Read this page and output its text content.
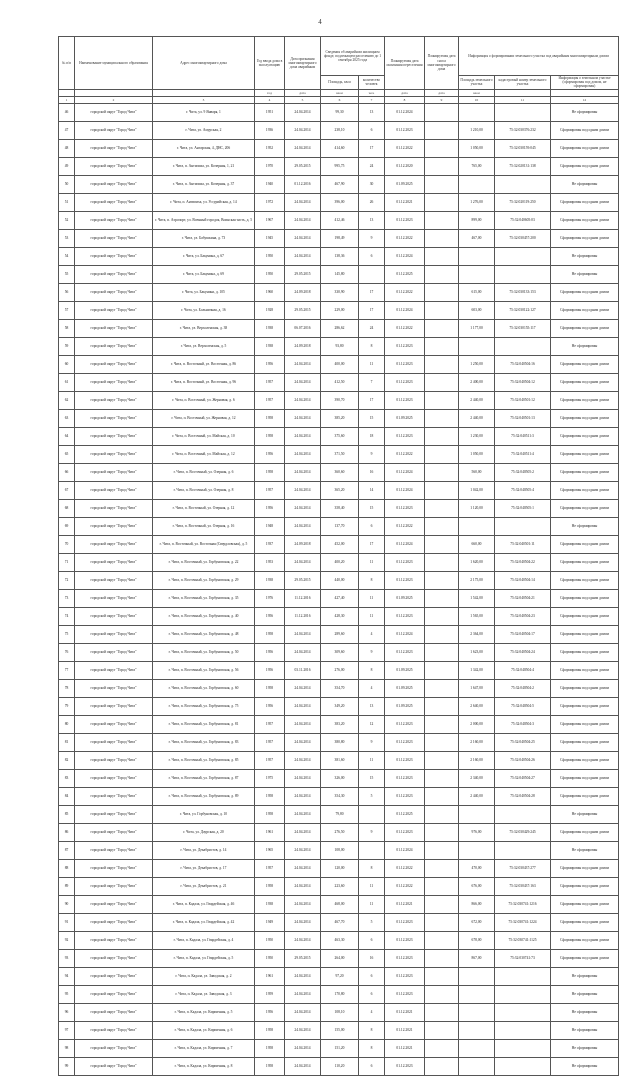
4
№ п/п	Наименование муниципального образования	Адрес многоквартирного дома	Год ввода дома в эксплуатацию	Дата признания многоквартирного дома аварийным	Сведения об аварийном жилищном фонде, подлежащем расселению до 1 сентября 2025 года		Планируемая дата окончания переселения	Планируемая дата сноса многоквартирного дома	Информация о формировании земельного участка под аварийным многоквартирным домом		
					Площадь, кв.м	количество человек			Площадь земельного участка	кадастровый номер земельного участка	Информация о земельном участке (сформирован под домом, не сформирован)
			год	дата	кв.м	чел.	дата	дата	кв.м		
1	2	3	4	5	6	7	8	9	10	11	12
46	городской округ "Город Чита"	г. Чита, ул. 9 Января, 1	1951	24.04.2014	99,30	13	01.12.2024				Не сформирован
47	городской округ "Город Чита"	г. Чита, ул. Амурская, 2	1936	24.04.2014	238,10	6	01.12.2023		1 210,00	75:32:030376:232	Сформирован под одним домом
48	городской округ "Город Чита"	г. Чита, ул. Ангарская, 4, ДНС, 206	1952	24.04.2014	414,60	17	01.12.2022		1 050,00	75:32:030159:045	Сформирован под одним домом
49	городской округ "Город Чита"	г. Чита, п. Антипиха, ул. Кочерная, 1, 21	1970	29.05.2015	995,75	24	01.12.2020		765,00	75:32:020131:138	Сформирован под одним домом
50	городской округ "Город Чита"	г. Чита, п. Антипиха, ул. Кочерная, д. 37	1940	01.12.2016	467,90	30	01.09.2025				Не сформирован
51	городской округ "Город Чита"	г. Чита, п. Антипиха, ул. Уссурийская, д. 14	1972	24.04.2014	396,00	26	01.12.2021		1 276,00	75:32:020119:250	Сформирован под одним домом
52	городской округ "Город Чита"	г. Чита, п. Аэропорт, ул. Военный городок, Воинская часть, д. 5	1967	24.04.2014	412,46	13	01.12.2023		899,00	75:32:040605:03	Сформирован под одним домом
53	городской округ "Город Чита"	г. Чита, ул. Бабушкина, д. 73	1945	24.04.2014	198,49	9	01.12.2022		467,00	75:32:030457:200	Сформирован под одним домом
54	городской округ "Город Чита"	г. Чита, ул. Бакунина, д. 67	1950	24.04.2014	138,36	6	01.12.2024				Не сформирован
55	городской округ "Город Чита"	г. Чита, ул. Бакунина, д. 69	1950	29.05.2015	145,80		01.12.2025				Не сформирован
56	городской округ "Город Чита"	г. Чита, ул. Бакунина, д. 105	1960	24.09.2018	330,90	17	01.12.2022		615,00	75:32:030133:153	Сформирован под одним домом
57	городской округ "Город Чита"	г. Чита, ул. Больничная, д. 16	1928	29.05.2015	229,00	17	01.12.2024		603,00	75:32:030122:127	Сформирован под одним домом
58	городской округ "Город Чита"	г. Чита, ул. Верхоленская, д. 38	1938	06.07.2016	286,62	24	01.12.2022		1 177,00	75:32:030155:117	Сформирован под одним домом
59	городской округ "Город Чита"	г. Чита, ул. Верхоленская, д. 5	1938	24.09.2018	93,80	8	01.12.2023				Не сформирован
60	городской округ "Город Чита"	г. Чита, п. Восточный, ул. Восточная, д. 86	1956	24.04.2014	400,00	11	01.12.2023		1 250,00	75:32:040504:16	Сформирован под одним домом
61	городской округ "Город Чита"	г. Чита, п. Восточный, ул. Восточная, д. 96	1957	24.04.2014	412,50	7	01.12.2023		2 400,00	75:32:040504:12	Сформирован под одним домом
62	городской округ "Город Чита"	г. Чита, п. Восточный, ул. Жерновая, д. 6	1957	24.04.2014	390,70	17	01.12.2023		2 440,00	75:32:040501:12	Сформирован под одним домом
63	городской округ "Город Чита"	г. Чита, п. Восточный, ул. Жерновая, д. 12	1958	24.04.2014	385,20	15	01.09.2025		2 440,00	75:32:040501:13	Сформирован под одним домом
64	городской округ "Город Чита"	г. Чита, п. Восточный, ул. Майская, д. 10	1958	24.04.2014	375,60	18	01.12.2023		1 230,00	75:32:040511:3	Сформирован под одним домом
65	городской округ "Город Чита"	г. Чита, п. Восточный, ул. Майская, д. 12	1956	24.04.2014	371,50	9	01.12.2022		1 050,00	75:32:040511:4	Сформирован под одним домом
66	городской округ "Город Чита"	г. Чита, п. Восточный, ул. Озерная, д. 6	1958	24.04.2014	360,60	16	01.12.2024		560,00	75:32:040505:2	Сформирован под одним домом
67	городской округ "Город Чита"	г. Чита, п. Восточный, ул. Озерная, д. 8	1957	24.04.2014	365,20	14	01.12.2024		1 042,00	75:32:040505:4	Сформирован под одним домом
68	городской округ "Город Чита"	г. Чита, п. Восточный, ул. Озерная, д. 12	1956	24.04.2014	358,40	15	01.12.2023		1 120,00	75:32:040505:1	Сформирован под одним домом
69	городской округ "Город Чита"	г. Чита, п. Восточный, ул. Озерная, д. 16	1948	24.04.2014	137,70	6	01.12.2022				Не сформирован
70	городской округ "Город Чита"	г. Чита, п. Восточный, ул. Восточная (Свердловская), д. 5	1937	24.09.2018	452,00	17	01.12.2024		660,00	75:32:040501:11	Сформирован под одним домом
71	городской округ "Город Чита"	г. Чита, п. Восточный, ул. Горбуновская, д. 22	1953	24.04.2014	400,20	11	01.12.2023		1 620,00	75:32:040504:22	Сформирован под одним домом
72	городской округ "Город Чита"	г. Чита, п. Восточный, ул. Горбуновская, д. 29	1938	29.05.2015	440,00	8	01.12.2023		2 175,00	75:32:040504:14	Сформирован под одним домом
73	городской округ "Город Чита"	г. Чита, п. Восточный, ул. Горбуновская, д. 35	1976	11.12.2016	427,40	11	01.09.2025		1 542,00	75:32:040504:21	Сформирован под одним домом
74	городской округ "Город Чита"	г. Чита, п. Восточный, ул. Горбуновская, д. 40	1956	11.12.2016	428,30	11	01.12.2023		1 565,00	75:32:040504:23	Сформирован под одним домом
75	городской округ "Город Чита"	г. Чита, п. Восточный, ул. Горбуновская, д. 48	1958	24.04.2014	289,60	4	01.12.2024		2 364,00	75:32:040504:17	Сформирован под одним домом
76	городской округ "Город Чита"	г. Чита, п. Восточный, ул. Горбуновская, д. 50	1956	24.04.2014	309,60	9	01.12.2023		1 623,00	75:32:040504:24	Сформирован под одним домом
77	городской округ "Город Чита"	г. Чита, п. Восточный, ул. Горбуновская, д. 56	1956	03.11.2016	276,00	8	01.09.2025		1 342,00	75:32:040504:4	Сформирован под одним домом
78	городской округ "Город Чита"	г. Чита, п. Восточный, ул. Горбуновская, д. 60	1958	24.04.2014	354,70	4	01.09.2025		1 647,00	75:32:040504:2	Сформирован под одним домом
79	городской округ "Город Чита"	г. Чита, п. Восточный, ул. Горбуновская, д. 75	1956	24.04.2014	349,20	13	01.09.2025		2 640,00	75:32:040504:5	Сформирован под одним домом
80	городской округ "Город Чита"	г. Чита, п. Восточный, ул. Горбуновская, д. 81	1957	24.04.2014	383,20	12	01.12.2023		2 000,00	75:32:040504:3	Сформирован под одним домом
81	городской округ "Город Чита"	г. Чита, п. Восточный, ул. Горбуновская, д. 83	1957	24.04.2014	380,80	9	01.12.2023		2 160,00	75:32:040504:25	Сформирован под одним домом
82	городской округ "Город Чита"	г. Чита, п. Восточный, ул. Горбуновская, д. 85	1957	24.04.2014	381,60	11	01.12.2023		2 160,00	75:32:040504:26	Сформирован под одним домом
83	городской округ "Город Чита"	г. Чита, п. Восточный, ул. Горбуновская, д. 87	1975	24.04.2014	326,00	15	01.12.2023		2 340,00	75:32:040504:27	Сформирован под одним домом
84	городской округ "Город Чита"	г. Чита, п. Восточный, ул. Горбуновская, д. 89	1958	24.04.2014	354,30	5	01.12.2023		2 440,00	75:32:040504:28	Сформирован под одним домом
85	городской округ "Город Чита"	г. Чита, ул. Горбуновская, д. 10	1958	24.04.2014	79,80		01.12.2025				Не сформирован
86	городской округ "Город Чита"	г. Чита, ул. Даурская, д. 20	1961	24.04.2014	276,50	9	01.12.2023		976,00	75:32:030429:245	Сформирован под одним домом
87	городской округ "Город Чита"	г. Чита, ул. Декабристов, д. 14	1965	24.04.2014	108,00		01.12.2024				Не сформирован
88	городской округ "Город Чита"	г. Чита, ул. Декабристов, д. 17	1957	24.04.2014	120,00	8	01.12.2022		470,00	75:32:030437:277	Сформирован под одним домом
89	городской округ "Город Чита"	г. Чита, ул. Декабристов, д. 21	1958	24.04.2014	223,60	11	01.12.2022		676,00	75:32:030437:163	Сформирован под одним домом
90	городской округ "Город Чита"	г. Чита, п. Кадала, ул. Гвардейская, д. 46	1938	24.04.2014	468,00	11	01.12.2021		866,00	75:32:030741:1216	Сформирован под одним домом
91	городской округ "Город Чита"	г. Чита, п. Кадала, ул. Гвардейская, д. 42	1949	24.04.2014	467,70	5	01.12.2023		672,00	75:32:030741:1224	Сформирован под одним домом
92	городской округ "Город Чита"	г. Чита, п. Кадала, ул. Гвардейская, д. 4	1950	24.04.2014	463,30	6	01.12.2023		678,00	75:32:030741:1125	Сформирован под одним домом
93	городской округ "Город Чита"	г. Чита, п. Кадала, ул. Гвардейская, д. 5	1950	29.05.2015	264,00	16	01.12.2023		867,00	75:32:030741:73	Сформирован под одним домом
94	городской округ "Город Чита"	г. Чита, п. Кадала, ул. Заводская, д. 2	1961	24.04.2014	97,20	6	01.12.2023				Не сформирован
95	городской округ "Город Чита"	г. Чита, п. Кадала, ул. Заводская, д. 3	1959	24.04.2014	170,80	6	01.12.2023				Не сформирован
96	городской округ "Город Чита"	г. Чита, п. Кадала, ул. Кирпичная, д. 5	1956	24.04.2014	108,10	4	01.12.2021				Не сформирован
97	городской округ "Город Чита"	г. Чита, п. Кадала, ул. Кирпичная, д. 6	1958	24.04.2014	155,00	8	01.12.2021				Не сформирован
98	городской округ "Город Чита"	г. Чита, п. Кадала, ул. Кирпичная, д. 7	1958	24.04.2014	151,20	8	01.12.2021				Не сформирован
99	городской округ "Город Чита"	г. Чита, п. Кадала, ул. Кирпичная, д. 8	1958	24.04.2014	110,20	6	01.12.2023				Не сформирован
